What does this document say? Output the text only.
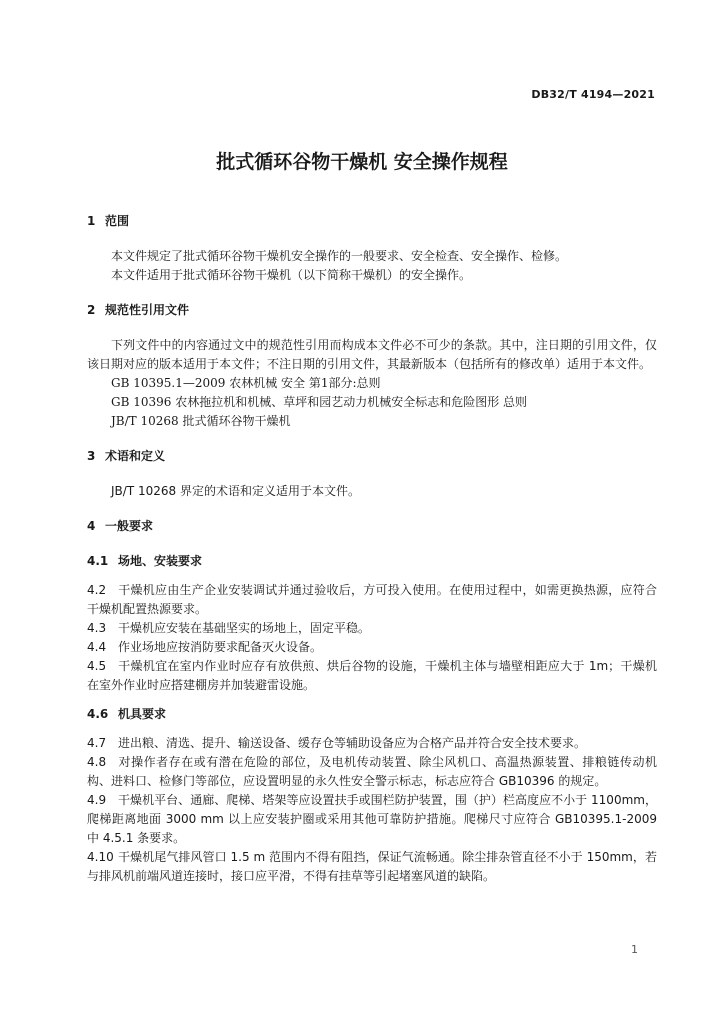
DB32/T 4194—2021
批式循环谷物干燥机 安全操作规程

1 范围

本文件规定了批式循环谷物干燥机安全操作的一般要求、安全检查、安全操作、检修。

本文件适用于批式循环谷物干燥机（以下简称干燥机）的安全操作。

2 规范性引用文件

下列文件中的内容通过文中的规范性引用而构成本文件必不可少的条款。其中，注日期的引用文件，仅该日期对应的版本适用于本文件；不注日期的引用文件，其最新版本（包括所有的修改单）适用于本文件。

GB 10395.1—2009 农林机械 安全 第1部分:总则

GB 10396 农林拖拉机和机械、草坪和园艺动力机械安全标志和危险图形 总则

JB/T 10268 批式循环谷物干燥机

3 术语和定义

JB/T 10268 界定的术语和定义适用于本文件。

4 一般要求

4.1 场地、安装要求

4.2 干燥机应由生产企业安装调试并通过验收后，方可投入使用。在使用过程中，如需更换热源，应符合干燥机配置热源要求。

4.3 干燥机应安装在基础坚实的场地上，固定平稳。

4.4 作业场地应按消防要求配备灭火设备。

4.5 干燥机宜在室内作业时应存有放供煎、烘后谷物的设施，干燥机主体与墙壁相距应大于 1m；干燥机在室外作业时应搭建棚房并加装避雷设施。

4.6 机具要求

4.7 进出粮、清选、提升、输送设备、缓存仓等辅助设备应为合格产品并符合安全技术要求。

4.8 对操作者存在或有潜在危险的部位，及电机传动装置、除尘风机口、高温热源装置、排粮链传动机构、进料口、检修门等部位，应设置明显的永久性安全警示标志，标志应符合 GB10396 的规定。

4.9 干燥机平台、通廊、爬梯、塔架等应设置扶手或围栏防护装置，围（护）栏高度应不小于 1100mm，爬梯距离地面 3000 mm 以上应安装护圈或采用其他可靠防护措施。爬梯尺寸应符合 GB10395.1-2009 中 4.5.1 条要求。

4.10 干燥机尾气排风管口 1.5 m 范围内不得有阻挡，保证气流畅通。除尘排杂管直径不小于 150mm，若与排风机前端风道连接时，接口应平滑，不得有挂草等引起堵塞风道的缺陷。

1
